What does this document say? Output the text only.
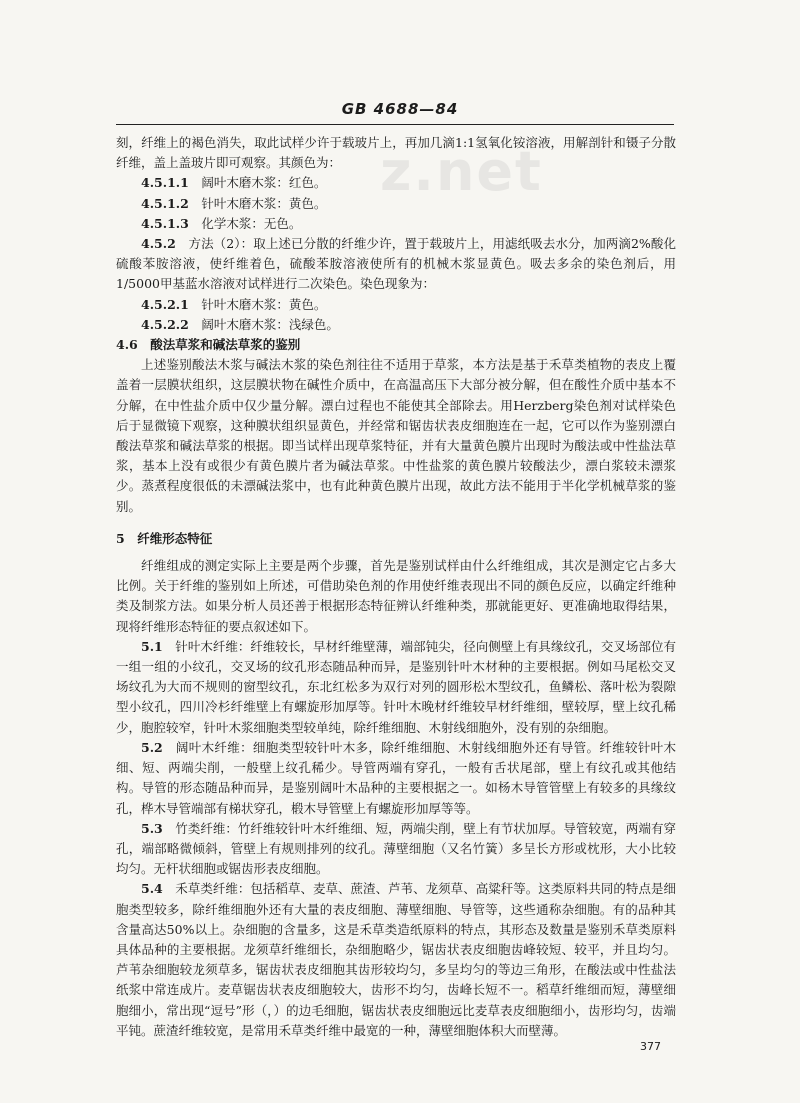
GB 4688—84
z.net

刻，纤维上的褐色消失，取此试样少许于载玻片上，再加几滴1:1氢氧化铵溶液，用解剖针和镊子分散纤维，盖上盖玻片即可观察。其颜色为：

4.5.1.1　 阔叶木磨木浆：红色。

4.5.1.2　 针叶木磨木浆：黄色。

4.5.1.3　 化学木浆：无色。

4.5.2　 方法（2）：取上述已分散的纤维少许，置于载玻片上，用滤纸吸去水分，加两滴2%酸化硫酸苯胺溶液，使纤维着色，硫酸苯胺溶液使所有的机械木浆显黄色。吸去多余的染色剂后，用1/5000甲基蓝水溶液对试样进行二次染色。染色现象为：

4.5.2.1　 针叶木磨木浆：黄色。

4.5.2.2　 阔叶木磨木浆：浅绿色。

4.6　 酸法草浆和碱法草浆的鉴别

上述鉴别酸法木浆与碱法木浆的染色剂往往不适用于草浆，本方法是基于禾草类植物的表皮上覆盖着一层膜状组织，这层膜状物在碱性介质中，在高温高压下大部分被分解，但在酸性介质中基本不分解，在中性盐介质中仅少量分解。漂白过程也不能使其全部除去。用Herzberg染色剂对试样染色后于显微镜下观察，这种膜状组织显黄色，并经常和锯齿状表皮细胞连在一起，它可以作为鉴别漂白酸法草浆和碱法草浆的根据。即当试样出现草浆特征，并有大量黄色膜片出现时为酸法或中性盐法草浆，基本上没有或很少有黄色膜片者为碱法草浆。中性盐浆的黄色膜片较酸法少，漂白浆较未漂浆少。蒸煮程度很低的未漂碱法浆中，也有此种黄色膜片出现，故此方法不能用于半化学机械草浆的鉴别。

5　 纤维形态特征

纤维组成的测定实际上主要是两个步骤，首先是鉴别试样由什么纤维组成，其次是测定它占多大比例。关于纤维的鉴别如上所述，可借助染色剂的作用使纤维表现出不同的颜色反应，以确定纤维种类及制浆方法。如果分析人员还善于根据形态特征辨认纤维种类，那就能更好、更准确地取得结果，现将纤维形态特征的要点叙述如下。

5.1　 针叶木纤维：纤维较长，早材纤维壁薄，端部钝尖，径向侧壁上有具缘纹孔，交叉场部位有一组一组的小纹孔，交叉场的纹孔形态随品种而异，是鉴别针叶木材种的主要根据。例如马尾松交叉场纹孔为大而不规则的窗型纹孔，东北红松多为双行对列的圆形松木型纹孔，鱼鳞松、落叶松为裂隙型小纹孔，四川冷杉纤维壁上有螺旋形加厚等。针叶木晚材纤维较早材纤维细，壁较厚，壁上纹孔稀少，胞腔较窄，针叶木浆细胞类型较单纯，除纤维细胞、木射线细胞外，没有别的杂细胞。

5.2　 阔叶木纤维：细胞类型较针叶木多，除纤维细胞、木射线细胞外还有导管。纤维较针叶木细、短、两端尖削，一般壁上纹孔稀少。导管两端有穿孔，一般有舌状尾部，壁上有纹孔或其他结构。导管的形态随品种而异，是鉴别阔叶木品种的主要根据之一。如杨木导管管壁上有较多的具缘纹孔，桦木导管端部有梯状穿孔，椴木导管壁上有螺旋形加厚等等。

5.3　 竹类纤维：竹纤维较针叶木纤维细、短，两端尖削，壁上有节状加厚。导管较宽，两端有穿孔，端部略微倾斜，管壁上有规则排列的纹孔。薄壁细胞（又名竹簧）多呈长方形或枕形，大小比较均匀。无杆状细胞或锯齿形表皮细胞。

5.4　 禾草类纤维：包括稻草、麦草、蔗渣、芦苇、龙须草、高粱秆等。这类原料共同的特点是细胞类型较多，除纤维细胞外还有大量的表皮细胞、薄壁细胞、导管等，这些通称杂细胞。有的品种其含量高达50%以上。杂细胞的含量多，这是禾草类造纸原料的特点，其形态及数量是鉴别禾草类原料具体品种的主要根据。龙须草纤维细长，杂细胞略少，锯齿状表皮细胞齿峰较短、较平，并且均匀。芦苇杂细胞较龙须草多，锯齿状表皮细胞其齿形较均匀，多呈均匀的等边三角形，在酸法或中性盐法纸浆中常连成片。麦草锯齿状表皮细胞较大，齿形不均匀，齿峰长短不一。稻草纤维细而短，薄壁细胞细小，常出现“逗号”形（，）的边毛细胞，锯齿状表皮细胞远比麦草表皮细胞细小，齿形均匀，齿端平钝。蔗渣纤维较宽，是常用禾草类纤维中最宽的一种，薄壁细胞体积大而壁薄。

377
